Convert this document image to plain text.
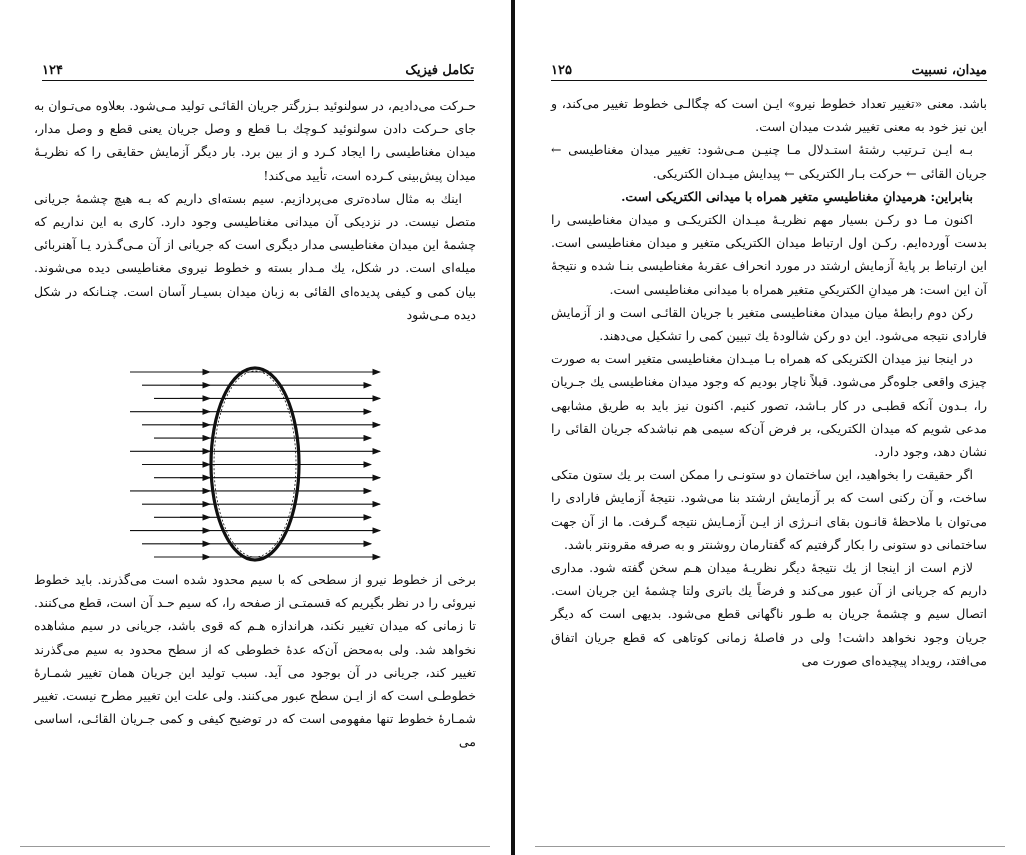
تکامل فیزیک
۱۲۴

حـرکت می‌دادیم، در سولنوئید بـزرگتر جریان القائـی تولید مـی‌شود. بعلاوه می‌تـوان به جای حـرکت دادن سولنوئید کـوچك بـا قطع و وصل جریان یعنی قطع و وصل مدار، میدان مغناطیسی را ایجاد کـرد و از بین برد. بار دیگر آزمایش حقایقی را که نظریـهٔ میدان پیش‌بینی کـرده است، تأیید می‌کند!

اینك به مثال ساده‌تری می‌پردازیم. سیم بسته‌ای داریم که بـه هیچ چشمهٔ جریانی متصل نیست. در نزدیکی آن میدانی مغناطیسی وجود دارد. کاری به این نداریم که چشمهٔ این میدان مغناطیسی مدار دیگری است که جریانی از آن مـی‌گـذرد یـا آهنربائی میله‌ای است. در شکل، یك مـدار بسته و خطوط نیروی مغناطیسی دیده می‌شوند. بیان کمی و کیفی پدیده‌ای القائی به زبان میدان بسیـار آسان است. چنـانکه در شکل دیده مـی‌شود

برخی از خطوط نیرو از سطحی که با سیم محدود شده است می‌گذرند. باید خطوط نیروئی را در نظر بگیریم که قسمتـی از صفحه را، که سیم حـد آن است، قطع می‌کنند. تا زمانی که میدان تغییر نکند، هراندازه هـم که قوی باشد، جریانی در سیم مشاهده نخواهد شد. ولی به‌محض آن‌که عدهٔ خطوطی که از سطح محدود به سیم می‌گذرند تغییر کند، جریانی در آن بوجود می آید. سبب تولید این جریان همان تغییر شمـارهٔ خطوطـی است که از ایـن سطح عبور می‌کنند. ولی علت این تغییر مطرح نیست. تغییر شمـارهٔ خطوط تنها مفهومی است که در توضیح کیفی و کمی جـریان القائـی، اساسی می

میدان، نسبیت
۱۲۵

باشد. معنی «تغییر تعداد خطوط نیرو» ایـن است که چگالـی خطوط تغییر می‌کند، و این نیز خود به معنی تغییر شدت میدان است.

بـه ایـن تـرتیب رشتهٔ استـدلال مـا چنیـن مـی‌شود: تغییر میدان مغناطیسی ← جریان القائی ← حرکت بـار الکتریکی ← پیدایش میـدان الکتریکی.

بنابراین: هرمیدانِ مغناطیسیِ متغیر همراه با میدانی الکتریکی است.

اکنون مـا دو رکـن بسیار مهم نظریـهٔ میـدان الکتریکـی و میدان مغناطیسی را بدست آورده‌ایم. رکـن اول ارتباط میدان الکتریکی متغیر و میدان مغناطیسی است. این ارتباط بر پایهٔ آزمایش ارشتد در مورد انحراف عقربهٔ مغناطیسی بنـا شده و نتیجهٔ آن این است: هر میدانِ الکتریکیِ متغیر همراه با میدانی مغناطیسی است.

رکن دوم رابطهٔ میان میدان مغناطیسی متغیر با جریان القائـی است و از آزمایش فارادی نتیجه می‌شود. این دو رکن شالودهٔ یك تبیین کمی را تشکیل می‌دهند.

در اینجا نیز میدان الکتریکی که همراه بـا میـدان مغناطیسی متغیر است به صورت چیزی واقعی جلوه‌گر می‌شود. قبلاً ناچار بودیم که وجود میدان مغناطیسی یك جـریان را، بـدون آنکه قطبـی در کار بـاشد، تصور کنیم. اکنون نیز باید به طریق مشابهی مدعی شویم که میدان الکتریکی، بر فرض آن‌که سیمی هم نباشدکه جریان القائی را نشان دهد، وجود دارد.

اگر حقیقت را بخواهید، این ساختمان دو ستونـی را ممکن است بر یك ستون متکی ساخت، و آن رکنی است که بر آزمایش ارشتد بنا می‌شود. نتیجهٔ آزمایش فارادی را می‌توان با ملاحظهٔ قانـون بقای انـرژی از ایـن آزمـایش نتیجه گـرفت. ما از آن جهت ساختمانی دو ستونی را بکار گرفتیم که گفتارمان روشنتر و به صرفه مقرونتر باشد.

لازم است از اینجا از یك نتیجهٔ دیگر نظریـهٔ میدان هـم سخن گفته شود. مداری داریم که جریانی از آن عبور می‌کند و فرضاً یك باتری ولتا چشمهٔ این جریان است. اتصال سیم و چشمهٔ جریان به طـور ناگهانی قطع می‌شود. بدیهی است که دیگر جریان وجود نخواهد داشت! ولی در فاصلهٔ زمانی کوتاهی که قطع جریان اتفاق می‌افتد، رویداد پیچیده‌ای صورت می
